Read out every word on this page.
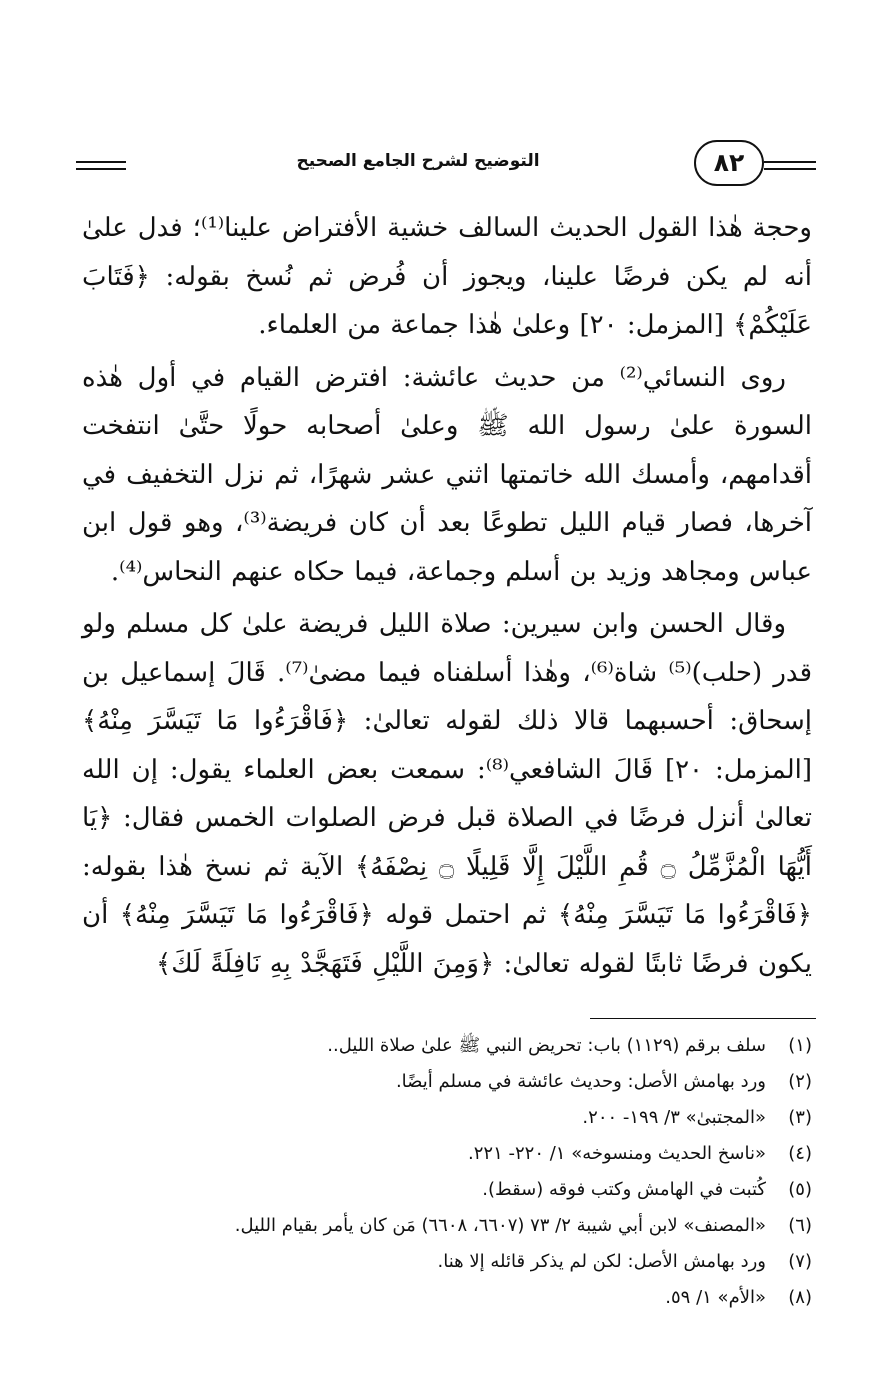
التوضيح لشرح الجامع الصحيح	٨٢

وحجة هٰذا القول الحديث السالف خشية الأفتراض علينا⁽¹⁾؛ فدل علىٰ أنه لم يكن فرضًا علينا، ويجوز أن فُرض ثم نُسخ بقوله: ﴿فَتَابَ عَلَيْكُمْ﴾ [المزمل: ٢٠] وعلىٰ هٰذا جماعة من العلماء.

روى النسائي⁽²⁾ من حديث عائشة: افترض القيام في أول هٰذه السورة علىٰ رسول الله ﷺ وعلىٰ أصحابه حولًا حتَّىٰ انتفخت أقدامهم، وأمسك الله خاتمتها اثني عشر شهرًا، ثم نزل التخفيف في آخرها، فصار قيام الليل تطوعًا بعد أن كان فريضة⁽³⁾، وهو قول ابن عباس ومجاهد وزيد بن أسلم وجماعة، فيما حكاه عنهم النحاس⁽⁴⁾.

وقال الحسن وابن سيرين: صلاة الليل فريضة علىٰ كل مسلم ولو قدر (حلب)⁽⁵⁾ شاة⁽⁶⁾، وهٰذا أسلفناه فيما مضىٰ⁽⁷⁾. قَالَ إسماعيل بن إسحاق: أحسبهما قالا ذلك لقوله تعالىٰ: ﴿فَاقْرَءُوا مَا تَيَسَّرَ مِنْهُ﴾ [المزمل: ٢٠] قَالَ الشافعي⁽⁸⁾: سمعت بعض العلماء يقول: إن الله تعالىٰ أنزل فرضًا في الصلاة قبل فرض الصلوات الخمس فقال: ﴿يَا أَيُّهَا الْمُزَّمِّلُ ۝ قُمِ اللَّيْلَ إِلَّا قَلِيلًا ۝ نِصْفَهُ﴾ الآية ثم نسخ هٰذا بقوله: ﴿فَاقْرَءُوا مَا تَيَسَّرَ مِنْهُ﴾ ثم احتمل قوله ﴿فَاقْرَءُوا مَا تَيَسَّرَ مِنْهُ﴾ أن يكون فرضًا ثابتًا لقوله تعالىٰ: ﴿وَمِنَ اللَّيْلِ فَتَهَجَّدْ بِهِ نَافِلَةً لَكَ﴾

(١)
سلف برقم (١١٢٩) باب: تحريض النبي ﷺ علىٰ صلاة الليل..
(٢)
ورد بهامش الأصل: وحديث عائشة في مسلم أيضًا.
(٣)
«المجتبىٰ» ٣/ ١٩٩- ٢٠٠.
(٤)
«ناسخ الحديث ومنسوخه» ١/ ٢٢٠- ٢٢١.
(٥)
كُتبت في الهامش وكتب فوقه (سقط).
(٦)
«المصنف» لابن أبي شيبة ٢/ ٧٣ (٦٦٠٧، ٦٦٠٨) مَن كان يأمر بقيام الليل.
(٧)
ورد بهامش الأصل: لكن لم يذكر قائله إلا هنا.
(٨)
«الأم» ١/ ٥٩.
